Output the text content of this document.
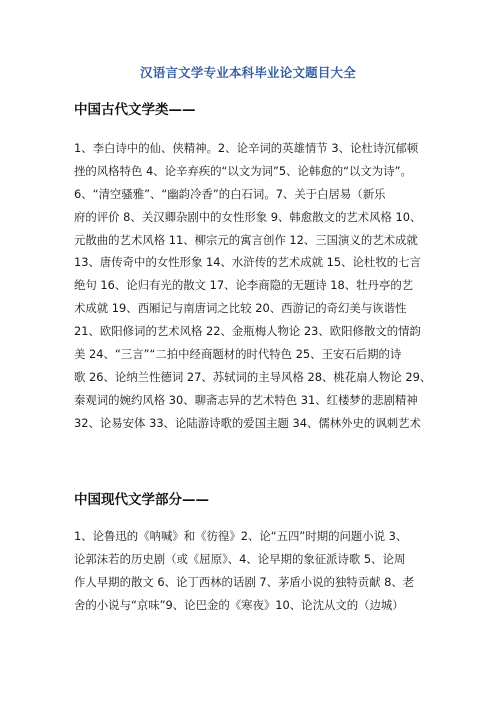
汉语言文学专业本科毕业论文题目大全
中国古代文学类——
1、李白诗中的仙、侠精神。2、论辛词的英雄情节 3、论杜诗沉郁顿
挫的风格特色 4、论辛弃疾的“以文为词”5、论韩愈的“以文为诗”。
6、“清空骚雅”、“幽韵冷香”的白石词。7、关于白居易（新乐
府的评价 8、关汉卿杂剧中的女性形象 9、韩愈散文的艺术风格 10、
元散曲的艺术风格 11、柳宗元的寓言创作 12、三国演义的艺术成就
13、唐传奇中的女性形象 14、水浒传的艺术成就 15、论杜牧的七言
绝句 16、论归有光的散文 17、论李商隐的无题诗 18、牡丹亭的艺
术成就 19、西厢记与南唐词之比较 20、西游记的奇幻美与诙谐性
21、欧阳修词的艺术风格 22、金瓶梅人物论 23、欧阳修散文的情韵
美 24、“三言”“二拍中经商题材的时代特色 25、王安石后期的诗
歌 26、论纳兰性德词 27、苏轼词的主导风格 28、桃花扇人物论 29、
秦观词的婉约风格 30、聊斋志异的艺术特色 31、红楼梦的悲剧精神
32、论易安体 33、论陆游诗歌的爱国主题 34、儒林外史的讽刺艺术
中国现代文学部分——
1、论鲁迅的《呐喊》和《彷徨》2、论“五四”时期的问题小说 3、
论郭沫若的历史剧（或《屈原》、4、论早期的象征派诗歌 5、论周
作人早期的散文 6、论丁西林的话剧 7、茅盾小说的独特贡献 8、老
舍的小说与“京味”9、论巴金的《寒夜》10、论沈从文的（边城）
